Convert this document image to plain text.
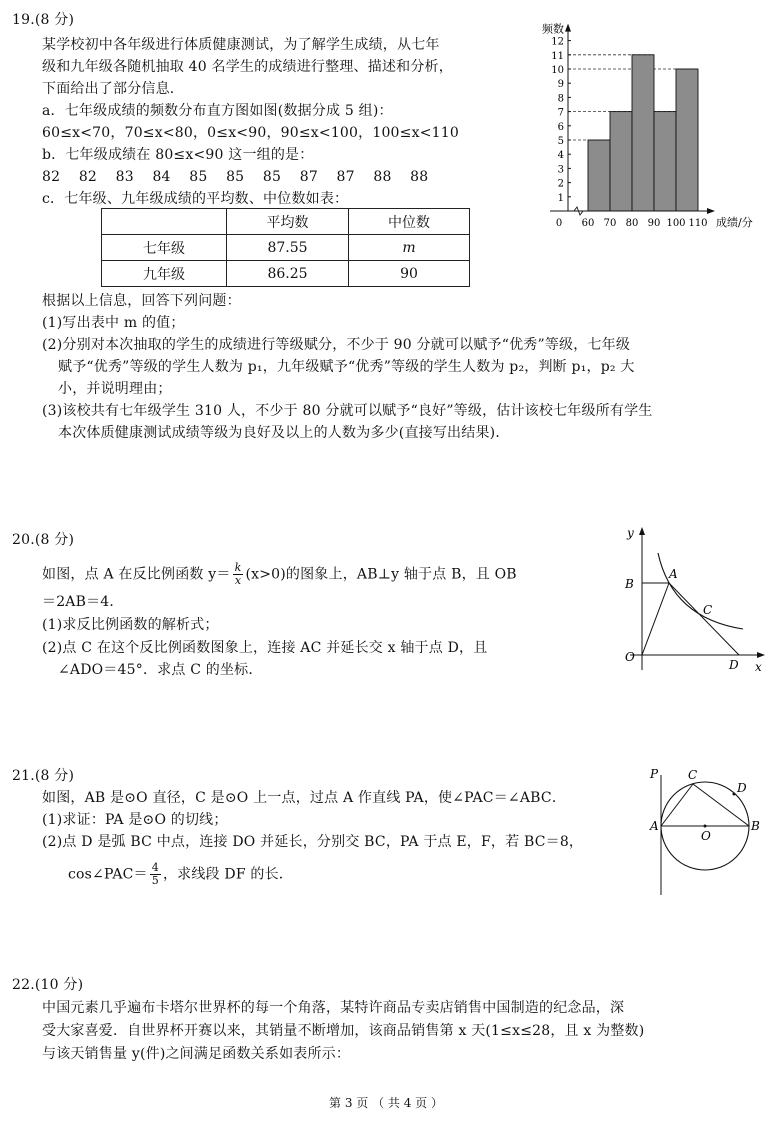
19.(8 分)
某学校初中各年级进行体质健康测试，为了解学生成绩，从七年
级和九年级各随机抽取 40 名学生的成绩进行整理、描述和分析，
下面给出了部分信息．
a．七年级成绩的频数分布直方图如图(数据分成 5 组)：
60≤x<70，70≤x<80，0≤x<90，90≤x<100，100≤x<110
b．七年级成绩在 80≤x<90 这一组的是：
82    82    83    84    85    85    85    87    87    88    88
c．七年级、九年级成绩的平均数、中位数如表：
	平均数	中位数
七年级	87.55	m
九年级	86.25	90
根据以上信息，回答下列问题：
(1)写出表中 m 的值；
(2)分别对本次抽取的学生的成绩进行等级赋分，不少于 90 分就可以赋予“优秀”等级，七年级
赋予“优秀”等级的学生人数为 p₁，九年级赋予“优秀”等级的学生人数为 p₂，判断 p₁，p₂ 大
小，并说明理由；
(3)该校共有七年级学生 310 人，不少于 80 分就可以赋予“良好”等级，估计该校七年级所有学生
本次体质健康测试成绩等级为良好及以上的人数为多少(直接写出结果)．
1
2
3
4
5
6
7
8
9
10
11
12
0 60 70 80 90 100 110
频数
成绩/分
20.(8 分)
如图，点 A 在反比例函数 $y= \frac{k}{x} (x>0)$的图象上，AB⊥y 轴于点 B，且 OB
＝2AB＝4．
(1)求反比例函数的解析式；
(2)点 C 在这个反比例函数图象上，连接 AC 并延长交 x 轴于点 D，且
∠ADO＝45°．求点 C 的坐标．
y
x
O
B
A
C
D
21.(8 分)
如图，AB 是⊙O 直径，C 是⊙O 上一点，过点 A 作直线 PA，使∠PAC＝∠ABC．
(1)求证：PA 是⊙O 的切线；
(2)点 D 是弧 BC 中点，连接 DO 并延长，分别交 BC，PA 于点 E，F，若 BC＝8，
cos∠PAC＝ $\frac{4}{5}$ ，求线段 DF 的长．
P C
D
A
O
B
22.(10 分)
中国元素几乎遍布卡塔尔世界杯的每一个角落，某特许商品专卖店销售中国制造的纪念品，深
受大家喜爱．自世界杯开赛以来，其销量不断增加，该商品销售第 x 天(1≤x≤28，且 x 为整数)
与该天销售量 y(件)之间满足函数关系如表所示：
第 3 页 （ 共 4 页 ）
